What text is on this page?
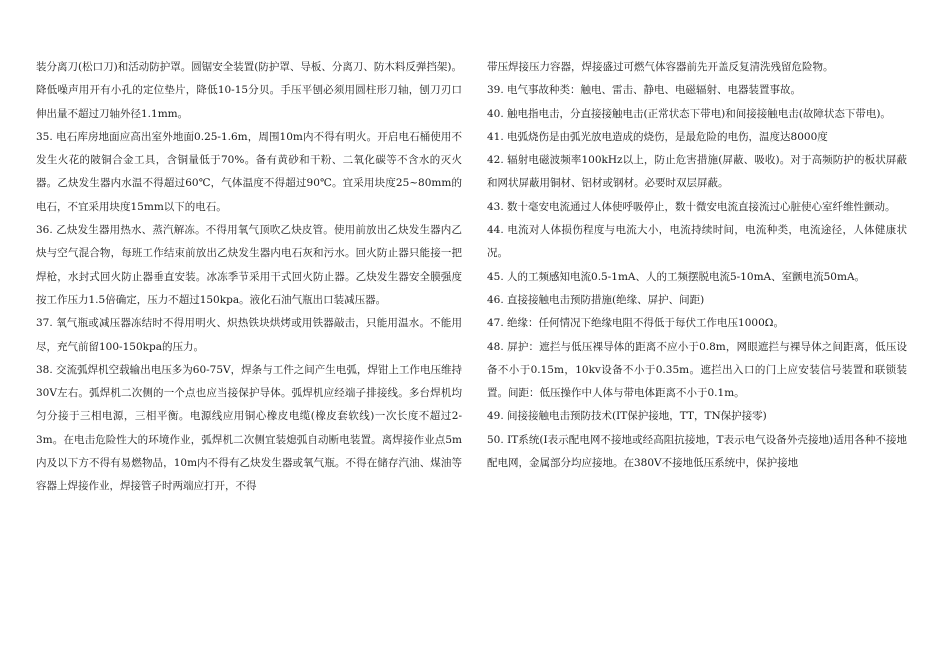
装分离刀(松口刀)和活动防护罩。圆锯安全装置(防护罩、导板、分离刀、防木料反弹挡架)。降低噪声用开有小孔的定位垫片，降低10-15分贝。手压平刨必须用圆柱形刀轴，刨刀刃口伸出量不超过刀轴外径1.1mm。

35. 电石库房地面应高出室外地面0.25-1.6m，周围10m内不得有明火。开启电石桶使用不发生火花的陂铜合金工具，含铜量低于70%。备有黄砂和干粉、二氧化碳等不含水的灭火器。乙炔发生器内水温不得超过60℃，气体温度不得超过90℃。宜采用块度25~80mm的电石，不宜采用块度15mm以下的电石。

36. 乙炔发生器用热水、蒸汽解冻。不得用氧气顶吹乙炔皮管。使用前放出乙炔发生器内乙炔与空气混合物，每班工作结束前放出乙炔发生器内电石灰和污水。回火防止器只能接一把焊枪，水封式回火防止器垂直安装。冰冻季节采用干式回火防止器。乙炔发生器安全膜强度按工作压力1.5倍确定，压力不超过150kpa。液化石油气瓶出口装减压器。

37. 氧气瓶或减压器冻结时不得用明火、炽热铁块烘烤或用铁器敲击，只能用温水。不能用尽，充气前留100-150kpa的压力。

38. 交流弧焊机空载输出电压多为60-75V，焊条与工件之间产生电弧，焊钳上工作电压维持30V左右。弧焊机二次侧的一个点也应当接保护导体。弧焊机应经端子排接线。多台焊机均匀分接于三相电源，三相平衡。电源线应用铜心橡皮电缆(橡皮套软线)一次长度不超过2-3m。在电击危险性大的环境作业，弧焊机二次侧宜装熄弧自动断电装置。离焊接作业点5m内及以下方不得有易燃物品，10m内不得有乙炔发生器或氧气瓶。不得在储存汽油、煤油等容器上焊接作业，焊接管子时两端应打开，不得

带压焊接压力容器，焊接盛过可燃气体容器前先开盖反复清洗残留危险物。

39. 电气事故种类：触电、雷击、静电、电磁辐射、电器装置事故。

40. 触电指电击，分直接接触电击(正常状态下带电)和间接接触电击(故障状态下带电)。

41. 电弧烧伤是由弧光放电造成的烧伤，是最危险的电伤，温度达8000度

42. 辐射电磁波频率100kHz以上，防止危害措施(屏蔽、吸收)。对于高频防护的板状屏蔽和网状屏蔽用铜材、铝材或钢材。必要时双层屏蔽。

43. 数十毫安电流通过人体使呼吸停止，数十微安电流直接流过心脏使心室纤维性颤动。

44. 电流对人体损伤程度与电流大小，电流持续时间，电流种类，电流途径，人体健康状况。

45. 人的工频感知电流0.5-1mA、人的工频摆脱电流5-10mA、室颤电流50mA。

46. 直接接触电击预防措施(绝缘、屏护、间距)

47. 绝缘：任何情况下绝缘电阻不得低于每伏工作电压1000Ω。

48. 屏护：遮拦与低压裸导体的距离不应小于0.8m，网眼遮拦与裸导体之间距离，低压设备不小于0.15m，10kv设备不小于0.35m。遮拦出入口的门上应安装信号装置和联锁装置。间距：低压操作中人体与带电体距离不小于0.1m。

49. 间接接触电击预防技术(IT保护接地，TT，TN保护接零)

50. IT系统(I表示配电网不接地或经高阻抗接地，T表示电气设备外壳接地)适用各种不接地配电网，金属部分均应接地。在380V不接地低压系统中，保护接地
